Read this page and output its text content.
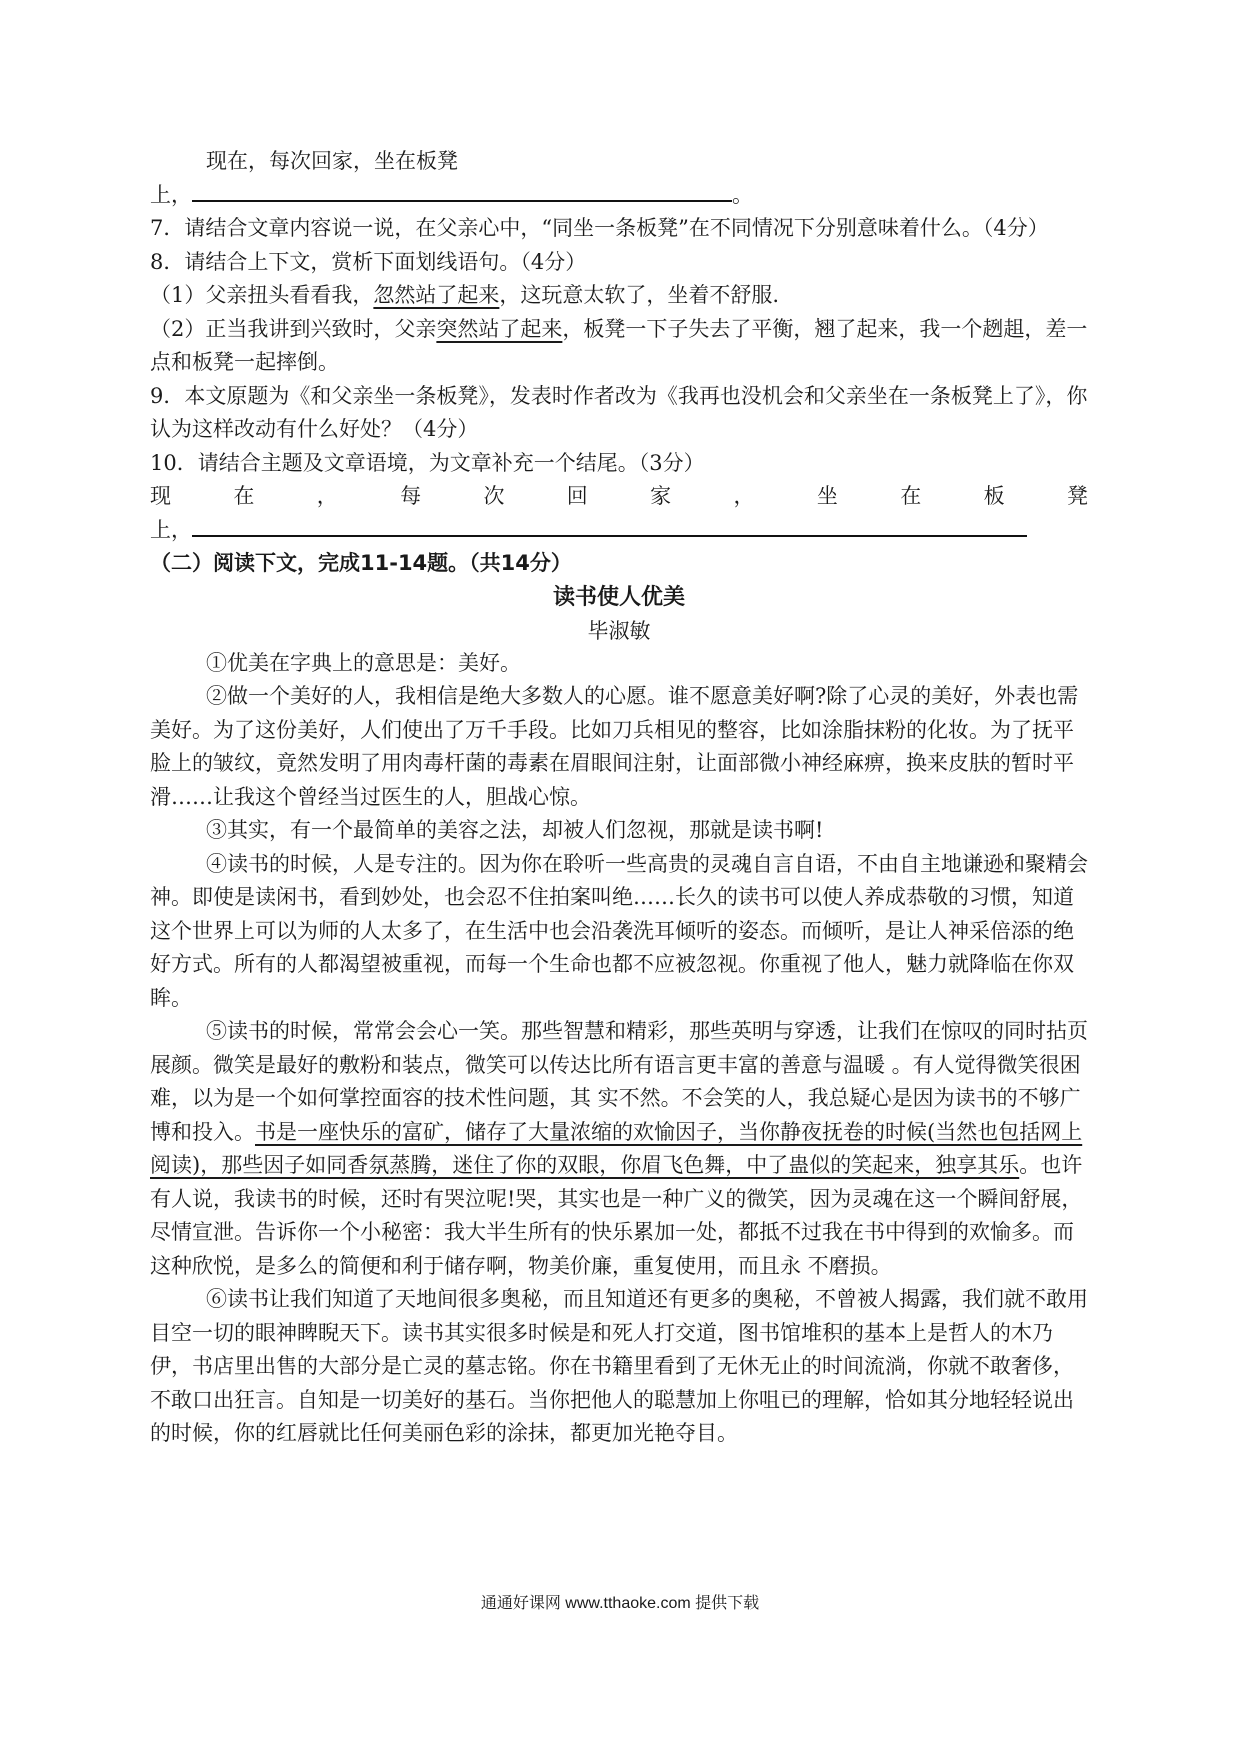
现在，每次回家，坐在板凳
上，	。
7．请结合文章内容说一说，在父亲心中，“同坐一条板凳”在不同情况下分别意味着什么。（4分）
8．请结合上下文，赏析下面划线语句。（4分）
（1）父亲扭头看看我，忽然站了起来，这玩意太软了，坐着不舒服.
（2）正当我讲到兴致时，父亲突然站了起来，板凳一下子失去了平衡，翘了起来，我一个趔趄，差一点和板凳一起摔倒。
9．本文原题为《和父亲坐一条板凳》，发表时作者改为《我再也没机会和父亲坐在一条板凳上了》，你认为这样改动有什么好处？（4分）
10．请结合主题及文章语境，为文章补充一个结尾。（3分）
现	在	，	每	次	回	家	，	坐	在	板	凳
上，
（二）阅读下文，完成11-14题。（共14分）
读书使人优美
毕淑敏
①优美在字典上的意思是：美好。
②做一个美好的人，我相信是绝大多数人的心愿。谁不愿意美好啊?除了心灵的美好，外表也需美好。为了这份美好，人们使出了万千手段。比如刀兵相见的整容，比如涂脂抹粉的化妆。为了抚平脸上的皱纹，竟然发明了用肉毒杆菌的毒素在眉眼间注射，让面部微小神经麻痹，换来皮肤的暂时平滑……让我这个曾经当过医生的人，胆战心惊。
③其实，有一个最简单的美容之法，却被人们忽视，那就是读书啊!
④读书的时候，人是专注的。因为你在聆听一些高贵的灵魂自言自语，不由自主地谦逊和聚精会神。即使是读闲书，看到妙处，也会忍不住拍案叫绝……长久的读书可以使人养成恭敬的习惯，知道这个世界上可以为师的人太多了，在生活中也会沿袭洗耳倾听的姿态。而倾听，是让人神采倍添的绝好方式。所有的人都渴望被重视，而每一个生命也都不应被忽视。你重视了他人，魅力就降临在你双眸。
⑤读书的时候，常常会会心一笑。那些智慧和精彩，那些英明与穿透，让我们在惊叹的同时拈页展颜。微笑是最好的敷粉和装点，微笑可以传达比所有语言更丰富的善意与温暖 。有人觉得微笑很困难，以为是一个如何掌控面容的技术性问题，其 实不然。不会笑的人，我总疑心是因为读书的不够广博和投入。书是一座快乐的富矿，储存了大量浓缩的欢愉因子，当你静夜抚卷的时候(当然也包括网上阅读)，那些因子如同香氛蒸腾，迷住了你的双眼，你眉飞色舞，中了蛊似的笑起来，独享其乐。也许有人说，我读书的时候，还时有哭泣呢!哭，其实也是一种广义的微笑，因为灵魂在这一个瞬间舒展，尽情宣泄。告诉你一个小秘密：我大半生所有的快乐累加一处，都抵不过我在书中得到的欢愉多。而这种欣悦，是多么的简便和利于储存啊，物美价廉，重复使用，而且永 不磨损。
⑥读书让我们知道了天地间很多奥秘，而且知道还有更多的奥秘，不曾被人揭露，我们就不敢用目空一切的眼神睥睨天下。读书其实很多时候是和死人打交道，图书馆堆积的基本上是哲人的木乃伊，书店里出售的大部分是亡灵的墓志铭。你在书籍里看到了无休无止的时间流淌，你就不敢奢侈，不敢口出狂言。自知是一切美好的基石。当你把他人的聪慧加上你咀已的理解，恰如其分地轻轻说出的时候，你的红唇就比任何美丽色彩的涂抹，都更加光艳夺目。
通通好课网 www.tthaoke.com 提供下载
